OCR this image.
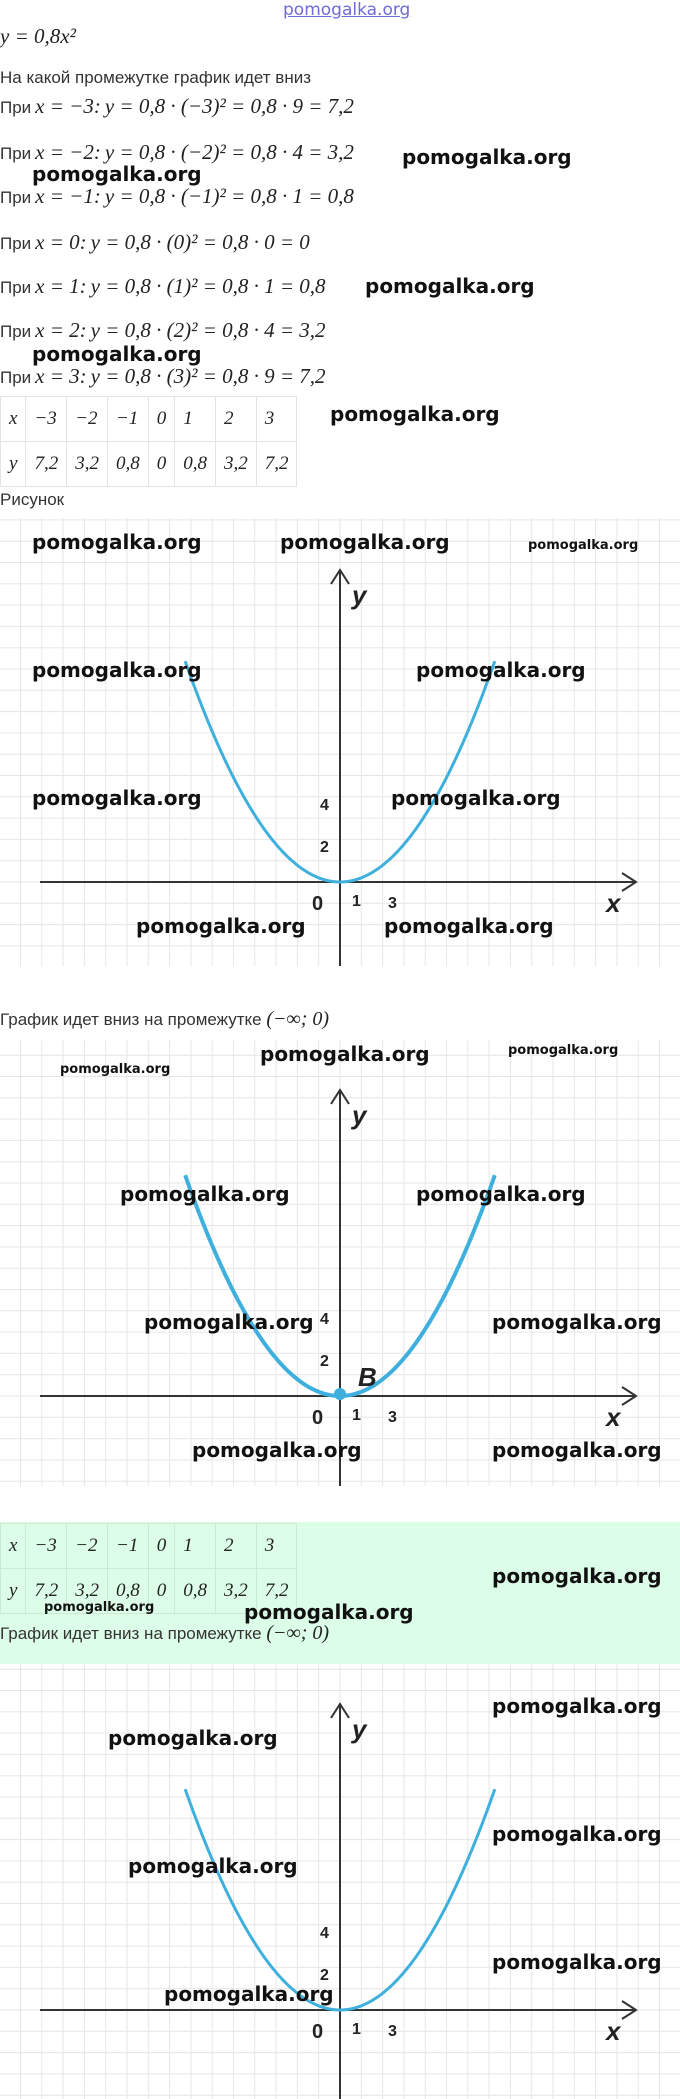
pomogalka.org
y = 0,8x²
На какой промежутке график идет вниз
При x = −3: y = 0,8 · (−3)² = 0,8 · 9 = 7,2
При x = −2: y = 0,8 · (−2)² = 0,8 · 4 = 3,2
При x = −1: y = 0,8 · (−1)² = 0,8 · 1 = 0,8
При x = 0: y = 0,8 · (0)² = 0,8 · 0 = 0
При x = 1: y = 0,8 · (1)² = 0,8 · 1 = 0,8
При x = 2: y = 0,8 · (2)² = 0,8 · 4 = 3,2
При x = 3: y = 0,8 · (3)² = 0,8 · 9 = 7,2
pomogalka.org
pomogalka.org
pomogalka.org
pomogalka.org
x	−3	−2	−1	0	1	2	3
y	7,2	3,2	0,8	0	0,8	3,2	7,2
pomogalka.org
Рисунок
y
x
0 1 3
2
4
pomogalka.org	pomogalka.org	pomogalka.org
pomogalka.org	pomogalka.org
pomogalka.org	pomogalka.org
pomogalka.org	pomogalka.org
График идет вниз на промежутке (−∞; 0)
y
x
0 1 3
2
4
B
pomogalka.org
pomogalka.org	pomogalka.org
pomogalka.org	pomogalka.org
pomogalka.org	pomogalka.org
pomogalka.org	pomogalka.org
x	−3	−2	−1	0	1	2	3
y	7,2	3,2	0,8	0	0,8	3,2	7,2
pomogalka.org
pomogalka.org	pomogalka.org
График идет вниз на промежутке (−∞; 0)
y
x
0 1 3
2
4
pomogalka.org
pomogalka.org
pomogalka.org
pomogalka.org
pomogalka.org
pomogalka.org
